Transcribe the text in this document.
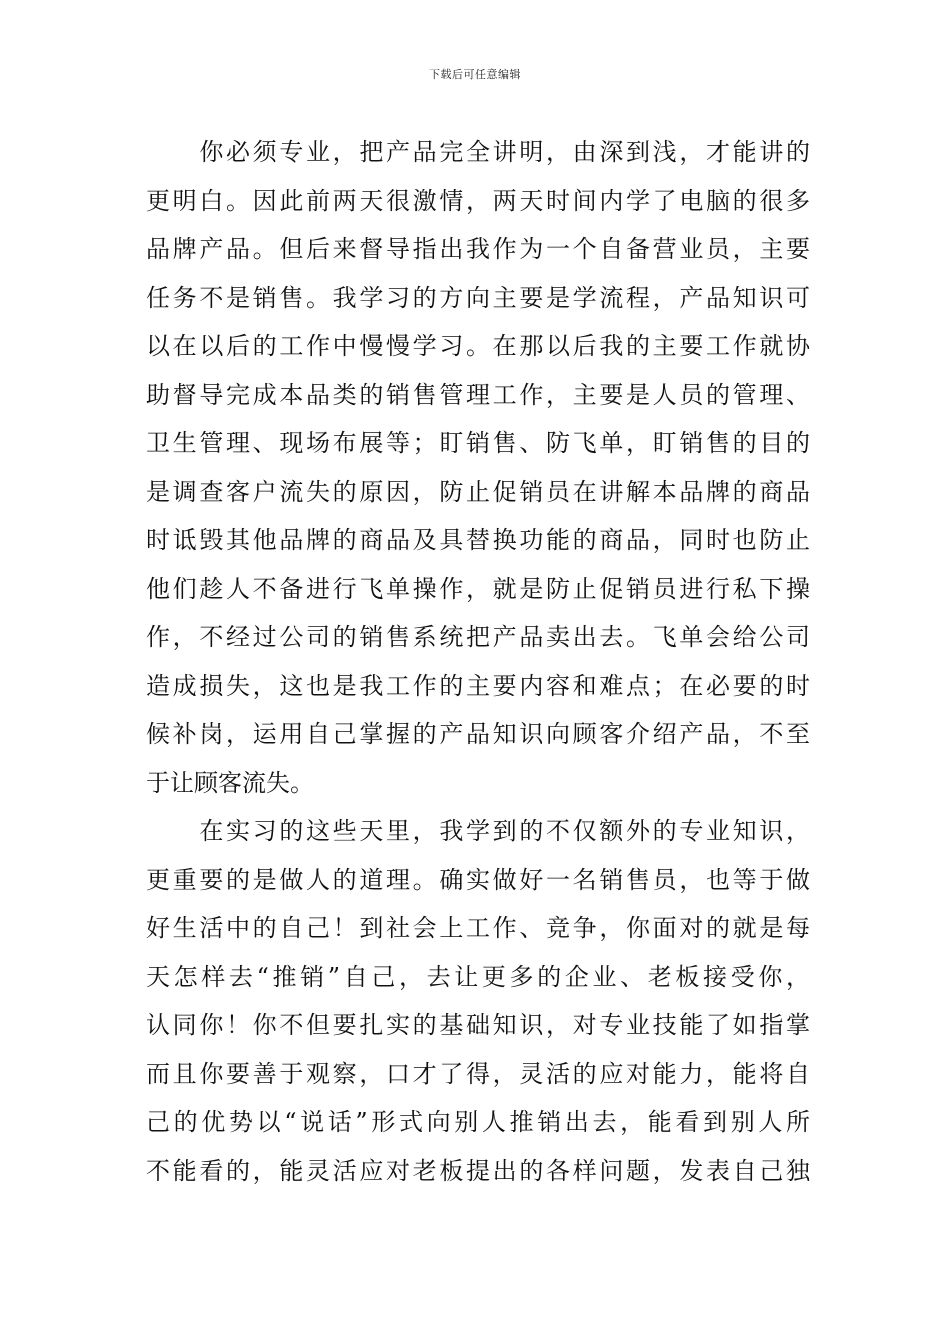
下载后可任意编辑
　　你必须专业，把产品完全讲明，由深到浅，才能讲的
更明白。因此前两天很激情，两天时间内学了电脑的很多
品牌产品。但后来督导指出我作为一个自备营业员，主要
任务不是销售。我学习的方向主要是学流程，产品知识可
以在以后的工作中慢慢学习。在那以后我的主要工作就协
助督导完成本品类的销售管理工作，主要是人员的管理、
卫生管理、现场布展等；盯销售、防飞单，盯销售的目的
是调查客户流失的原因，防止促销员在讲解本品牌的商品
时诋毁其他品牌的商品及具替换功能的商品，同时也防止
他们趁人不备进行飞单操作，就是防止促销员进行私下操
作，不经过公司的销售系统把产品卖出去。飞单会给公司
造成损失，这也是我工作的主要内容和难点；在必要的时
候补岗，运用自己掌握的产品知识向顾客介绍产品，不至
于让顾客流失。
　　在实习的这些天里，我学到的不仅额外的专业知识，
更重要的是做人的道理。确实做好一名销售员，也等于做
好生活中的自己！到社会上工作、竞争，你面对的就是每
天怎样去“推销”自己，去让更多的企业、老板接受你，
认同你！你不但要扎实的基础知识，对专业技能了如指掌
而且你要善于观察，口才了得，灵活的应对能力，能将自
己的优势以“说话”形式向别人推销出去，能看到别人所
不能看的，能灵活应对老板提出的各样问题，发表自己独
